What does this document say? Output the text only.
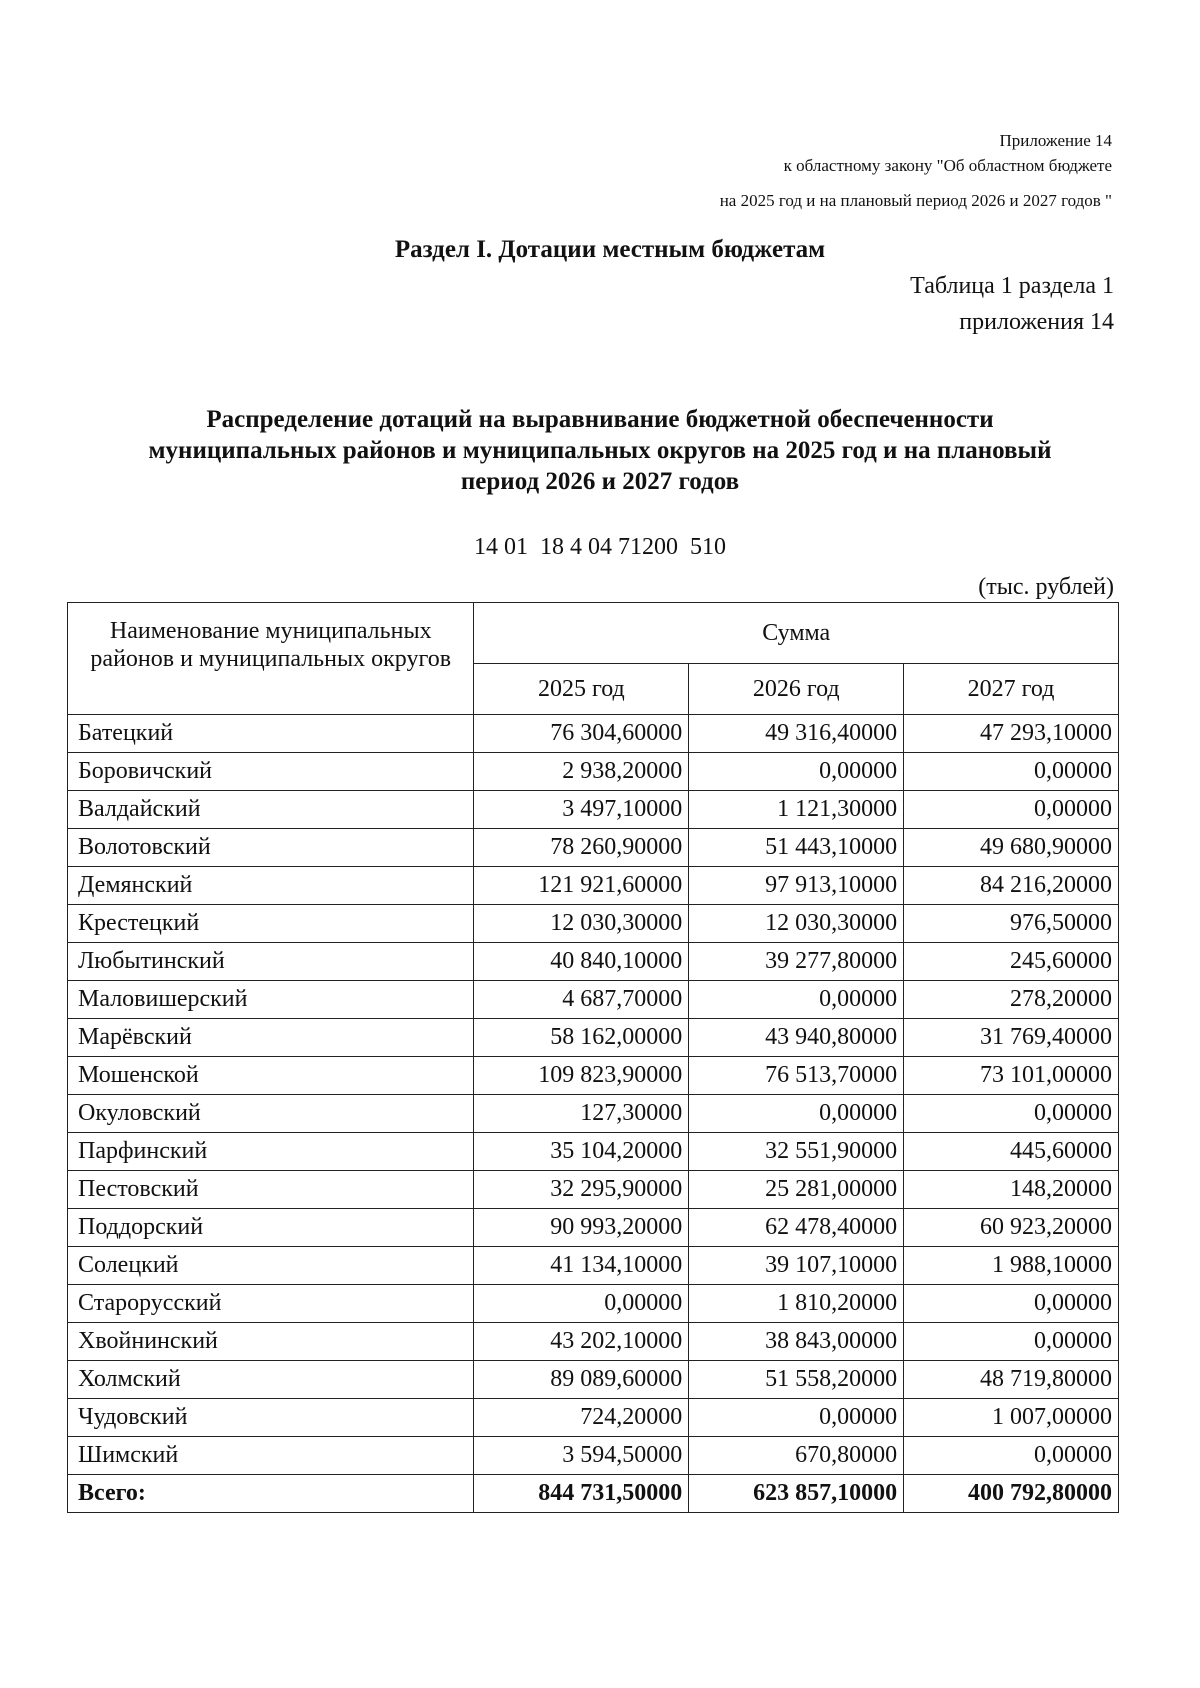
Приложение 14
к областному закону "Об областном бюджете
на 2025 год и на плановый период 2026 и 2027 годов "
Раздел I. Дотации местным бюджетам
Таблица 1 раздела 1
приложения 14
Распределение дотаций на выравнивание бюджетной обеспеченности
муниципальных районов и муниципальных округов на 2025 год и на плановый
период 2026 и 2027 годов
14 01  18 4 04 71200  510
(тыс. рублей)
Наименование муниципальных районов и муниципальных округов	Сумма		
	2025 год	2026 год	2027 год
Батецкий	76 304,60000	49 316,40000	47 293,10000
Боровичский	2 938,20000	0,00000	0,00000
Валдайский	3 497,10000	1 121,30000	0,00000
Волотовский	78 260,90000	51 443,10000	49 680,90000
Демянский	121 921,60000	97 913,10000	84 216,20000
Крестецкий	12 030,30000	12 030,30000	976,50000
Любытинский	40 840,10000	39 277,80000	245,60000
Маловишерский	4 687,70000	0,00000	278,20000
Марёвский	58 162,00000	43 940,80000	31 769,40000
Мошенской	109 823,90000	76 513,70000	73 101,00000
Окуловский	127,30000	0,00000	0,00000
Парфинский	35 104,20000	32 551,90000	445,60000
Пестовский	32 295,90000	25 281,00000	148,20000
Поддорский	90 993,20000	62 478,40000	60 923,20000
Солецкий	41 134,10000	39 107,10000	1 988,10000
Старорусский	0,00000	1 810,20000	0,00000
Хвойнинский	43 202,10000	38 843,00000	0,00000
Холмский	89 089,60000	51 558,20000	48 719,80000
Чудовский	724,20000	0,00000	1 007,00000
Шимский	3 594,50000	670,80000	0,00000
Всего:	844 731,50000	623 857,10000	400 792,80000
